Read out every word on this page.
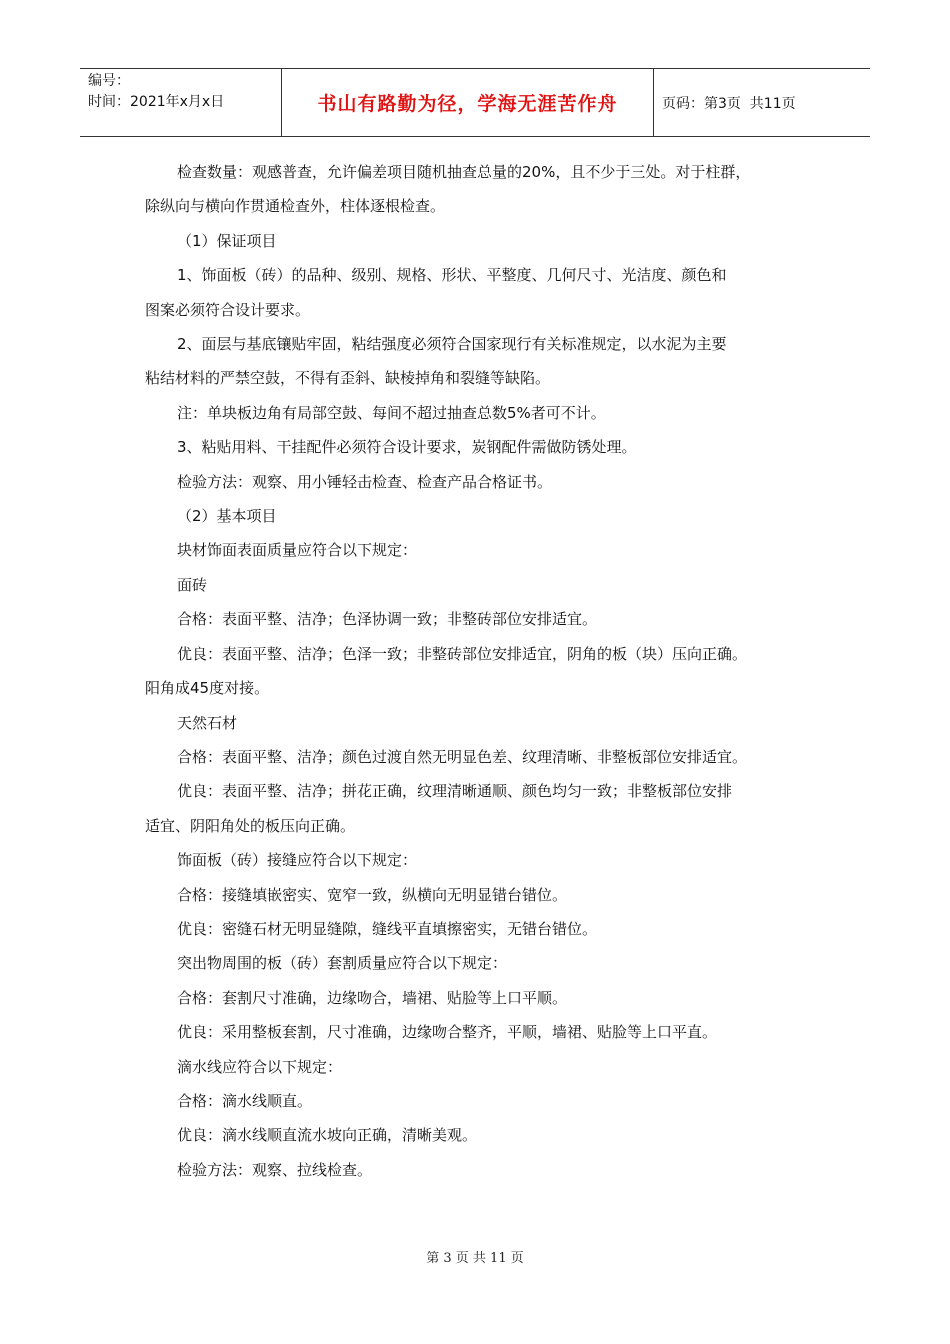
编号：
时间：2021年x月x日	书山有路勤为径，学海无涯苦作舟	页码：第3页  共11页

检查数量：观感普查，允许偏差项目随机抽查总量的20%，且不少于三处。对于柱群，

除纵向与横向作贯通检查外，柱体逐根检查。

（1）保证项目

1、饰面板（砖）的品种、级别、规格、形状、平整度、几何尺寸、光洁度、颜色和

图案必须符合设计要求。

2、面层与基底镶贴牢固，粘结强度必须符合国家现行有关标准规定，以水泥为主要

粘结材料的严禁空鼓，不得有歪斜、缺棱掉角和裂缝等缺陷。

注：单块板边角有局部空鼓、每间不超过抽查总数5%者可不计。

3、粘贴用料、干挂配件必须符合设计要求，炭钢配件需做防锈处理。

检验方法：观察、用小锤轻击检查、检查产品合格证书。

（2）基本项目

块材饰面表面质量应符合以下规定：

面砖

合格：表面平整、洁净；色泽协调一致；非整砖部位安排适宜。

优良：表面平整、洁净；色泽一致；非整砖部位安排适宜，阴角的板（块）压向正确。

阳角成45度对接。

天然石材

合格：表面平整、洁净；颜色过渡自然无明显色差、纹理清晰、非整板部位安排适宜。

优良：表面平整、洁净；拼花正确，纹理清晰通顺、颜色均匀一致；非整板部位安排

适宜、阴阳角处的板压向正确。

饰面板（砖）接缝应符合以下规定：

合格：接缝填嵌密实、宽窄一致，纵横向无明显错台错位。

优良：密缝石材无明显缝隙，缝线平直填擦密实，无错台错位。

突出物周围的板（砖）套割质量应符合以下规定：

合格：套割尺寸准确，边缘吻合，墙裙、贴脸等上口平顺。

优良：采用整板套割，尺寸准确，边缘吻合整齐，平顺，墙裙、贴脸等上口平直。

滴水线应符合以下规定：

合格：滴水线顺直。

优良：滴水线顺直流水坡向正确，清晰美观。

检验方法：观察、拉线检查。

第 3 页 共 11 页
